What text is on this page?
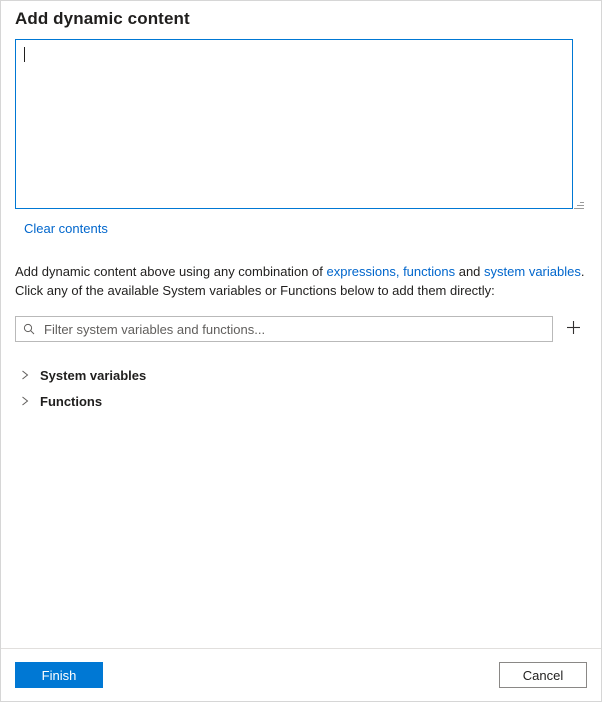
Add dynamic content
Clear contents
Add dynamic content above using any combination of expressions, functions and system variables.
Click any of the available System variables or Functions below to add them directly:
Filter system variables and functions...
System variables
Functions
Finish	Cancel
